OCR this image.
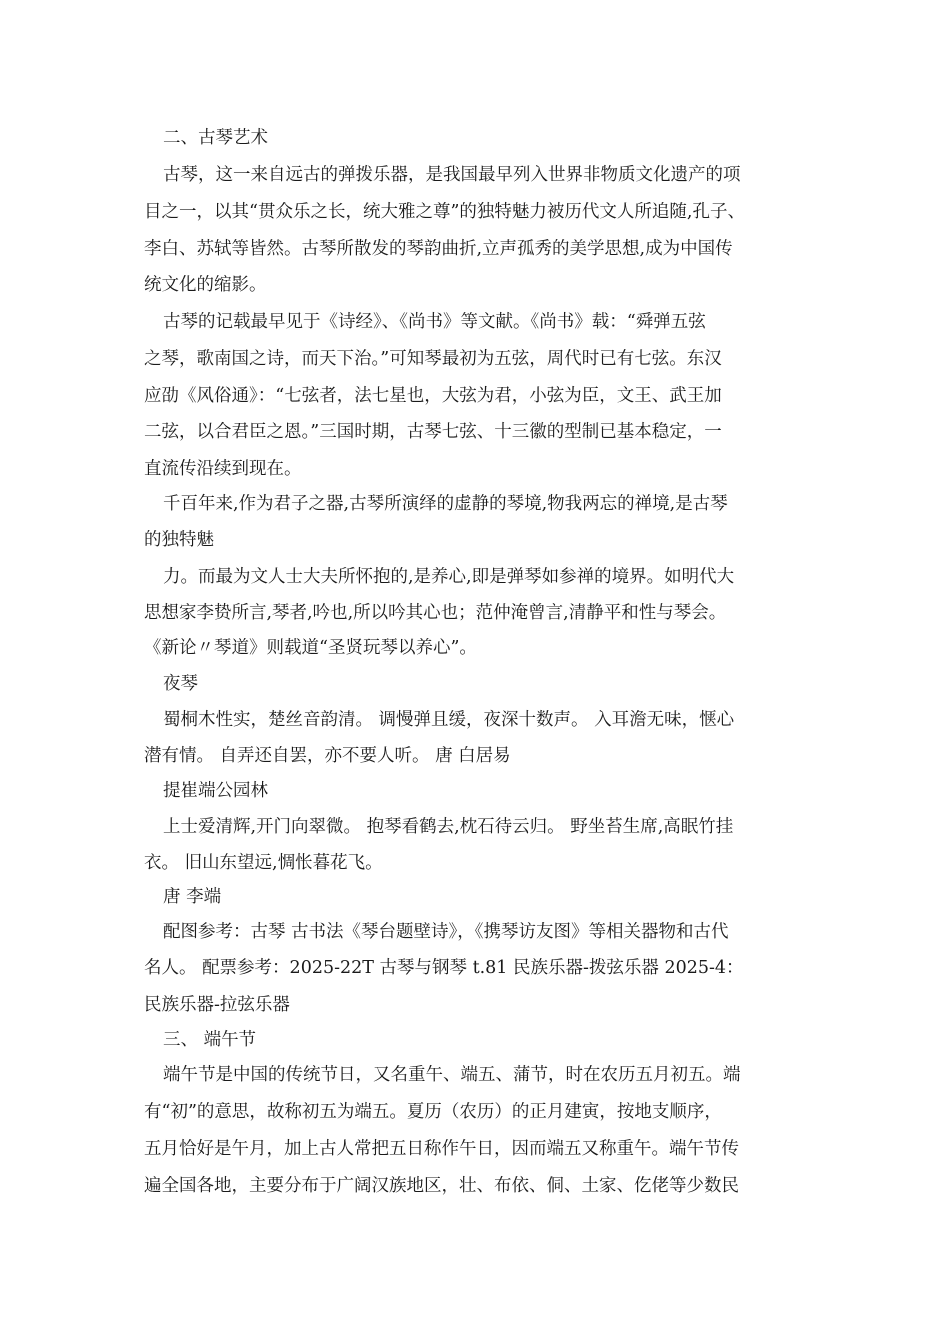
二、古琴艺术
古琴，这一来自远古的弹拨乐器，是我国最早列入世界非物质文化遗产的项
目之一，以其“贯众乐之长，统大雅之尊”的独特魅力被历代文人所追随,孔子、
李白、苏轼等皆然。古琴所散发的琴韵曲折,立声孤秀的美学思想,成为中国传
统文化的缩影。
古琴的记载最早见于《诗经》、《尚书》等文献。《尚书》载：“舜弹五弦
之琴，歌南国之诗，而天下治。”可知琴最初为五弦，周代时已有七弦。东汉
应劭《风俗通》：“七弦者，法七星也，大弦为君，小弦为臣，文王、武王加
二弦，以合君臣之恩。”三国时期，古琴七弦、十三徽的型制已基本稳定，一
直流传沿续到现在。
千百年来,作为君子之器,古琴所演绎的虚静的琴境,物我两忘的禅境,是古琴
的独特魅
力。而最为文人士大夫所怀抱的,是养心,即是弹琴如参禅的境界。如明代大
思想家李贽所言,琴者,吟也,所以吟其心也；范仲淹曾言,清静平和性与琴会。
《新论〃琴道》则载道“圣贤玩琴以养心”。
夜琴
蜀桐木性实，楚丝音韵清。 调慢弹且缓，夜深十数声。 入耳澹无味，惬心
潜有情。 自弄还自罢，亦不要人听。 唐 白居易
提崔端公园林
上士爱清辉,开门向翠微。 抱琴看鹤去,枕石待云归。 野坐苔生席,高眠竹挂
衣。 旧山东望远,惆怅暮花飞。
唐 李端
配图参考：古琴 古书法《琴台题壁诗》，《携琴访友图》等相关器物和古代
名人。 配票参考：2025-22T 古琴与钢琴 t.81 民族乐器-拨弦乐器 2025-4：
民族乐器-拉弦乐器
三、 端午节
端午节是中国的传统节日，又名重午、端五、蒲节，时在农历五月初五。端
有“初”的意思，故称初五为端五。夏历（农历）的正月建寅，按地支顺序，
五月恰好是午月，加上古人常把五日称作午日，因而端五又称重午。端午节传
遍全国各地，主要分布于广阔汉族地区，壮、布依、侗、土家、仡佬等少数民
